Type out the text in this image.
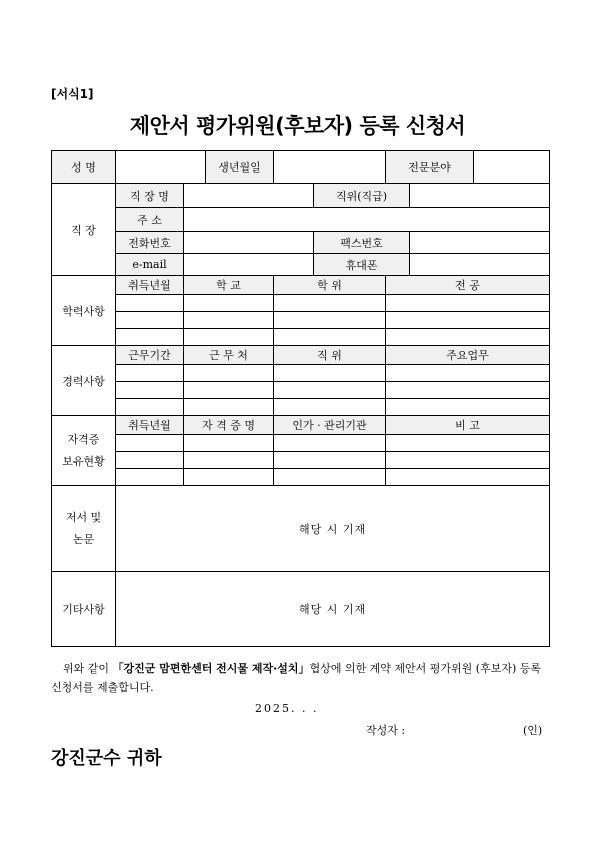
[서식1]
제안서 평가위원(후보자) 등록 신청서
성 명			생년월일			전문분야		
직 장	직 장 명				직위(직급)			
	주 소							
	전화번호				팩스번호			
	e-mail				휴대폰			
학력사항	취득년월	학 교		학 위		전 공		

경력사항	근무기간	근 무 처		직 위		주요업무		

자격증
보유현황	취득년월	자 격 증 명		인가 · 관리기관		비 고		

저서 및
논문	해당 시 기재							
기타사항	해당 시 기재							
위와 같이 「강진군 맘편한센터 전시물 제작·설치」협상에 의한 계약 제안서 평가위원 (후보자) 등록 신청서를 제출합니다.
2025. . .
작성자 :	(인)
강진군수 귀하
